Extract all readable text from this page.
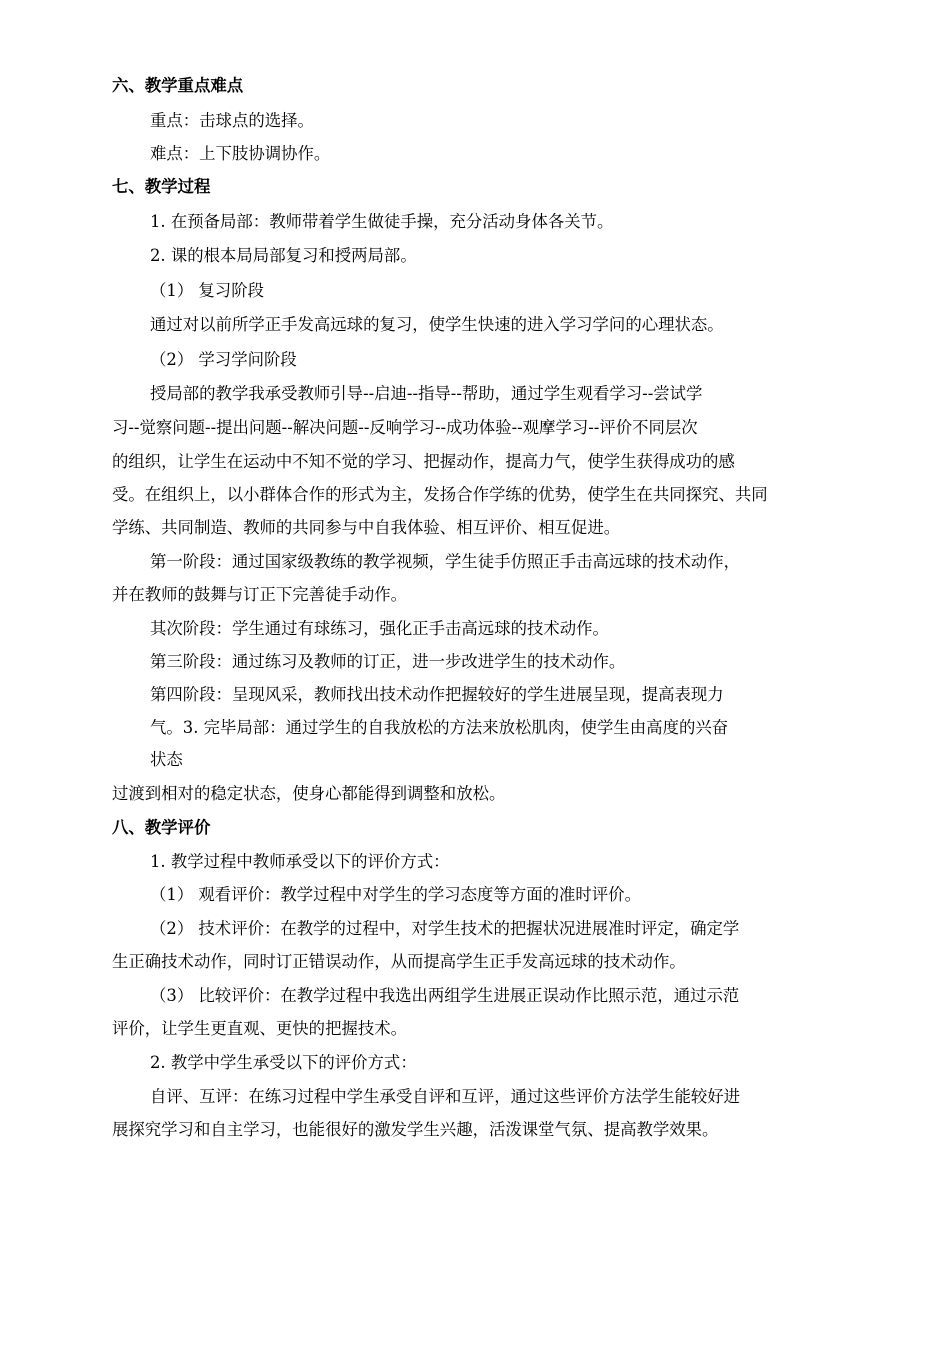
六、教学重点难点
重点：击球点的选择。
难点：上下肢协调协作。
七、教学过程
1. 在预备局部：教师带着学生做徒手操，充分活动身体各关节。
2. 课的根本局局部复习和授两局部。
（1） 复习阶段
通过对以前所学正手发高远球的复习，使学生快速的进入学习学问的心理状态。
（2） 学习学问阶段
授局部的教学我承受教师引导--启迪--指导--帮助，通过学生观看学习--尝试学
习--觉察问题--提出问题--解决问题--反响学习--成功体验--观摩学习--评价不同层次
的组织，让学生在运动中不知不觉的学习、把握动作，提高力气，使学生获得成功的感
受。在组织上，以小群体合作的形式为主，发扬合作学练的优势，使学生在共同探究、共同
学练、共同制造、教师的共同参与中自我体验、相互评价、相互促进。
第一阶段：通过国家级教练的教学视频，学生徒手仿照正手击高远球的技术动作，
并在教师的鼓舞与订正下完善徒手动作。
其次阶段：学生通过有球练习，强化正手击高远球的技术动作。
第三阶段：通过练习及教师的订正，进一步改进学生的技术动作。
第四阶段：呈现风采，教师找出技术动作把握较好的学生进展呈现，提高表现力
气。3. 完毕局部：通过学生的自我放松的方法来放松肌肉，使学生由高度的兴奋
状态
过渡到相对的稳定状态，使身心都能得到调整和放松。
八、教学评价
1. 教学过程中教师承受以下的评价方式：
（1） 观看评价：教学过程中对学生的学习态度等方面的准时评价。
（2） 技术评价：在教学的过程中，对学生技术的把握状况进展准时评定，确定学
生正确技术动作，同时订正错误动作，从而提高学生正手发高远球的技术动作。
（3） 比较评价：在教学过程中我选出两组学生进展正误动作比照示范，通过示范
评价，让学生更直观、更快的把握技术。
2. 教学中学生承受以下的评价方式：
自评、互评：在练习过程中学生承受自评和互评，通过这些评价方法学生能较好进
展探究学习和自主学习，也能很好的激发学生兴趣，活泼课堂气氛、提高教学效果。
